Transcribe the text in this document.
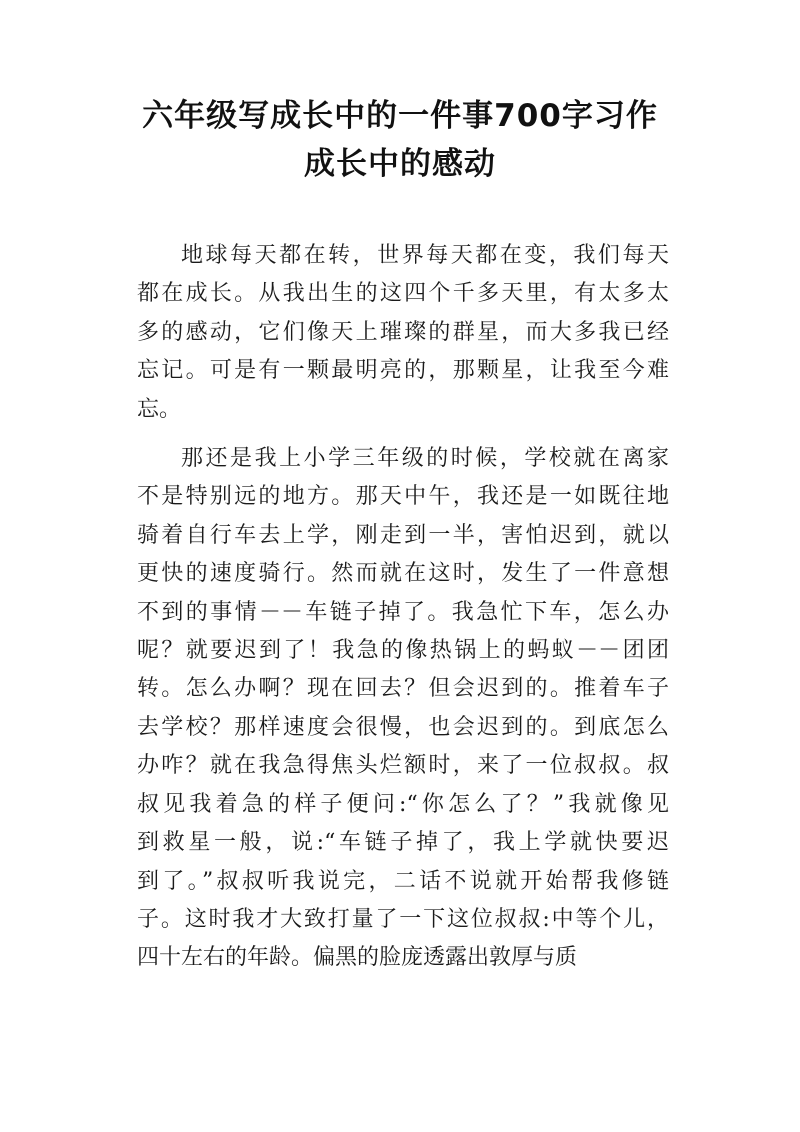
六年级写成长中的一件事700字习作
成长中的感动
地球每天都在转，世界每天都在变，我们每天
都在成长。从我出生的这四个千多天里，有太多太
多的感动，它们像天上璀璨的群星，而大多我已经
忘记。可是有一颗最明亮的，那颗星，让我至今难
忘。
那还是我上小学三年级的时候，学校就在离家
不是特别远的地方。那天中午，我还是一如既往地
骑着自行车去上学，刚走到一半，害怕迟到，就以
更快的速度骑行。然而就在这时，发生了一件意想
不到的事情－－车链子掉了。我急忙下车，怎么办
呢？就要迟到了！我急的像热锅上的蚂蚁－－团团
转。怎么办啊？现在回去？但会迟到的。推着车子
去学校？那样速度会很慢，也会迟到的。到底怎么
办咋？就在我急得焦头烂额时，来了一位叔叔。叔
叔见我着急的样子便问:“你怎么了？”我就像见
到救星一般，说:“车链子掉了，我上学就快要迟
到了。”叔叔听我说完，二话不说就开始帮我修链
子。这时我才大致打量了一下这位叔叔:中等个儿，
四十左右的年龄。偏黑的脸庞透露出敦厚与质
